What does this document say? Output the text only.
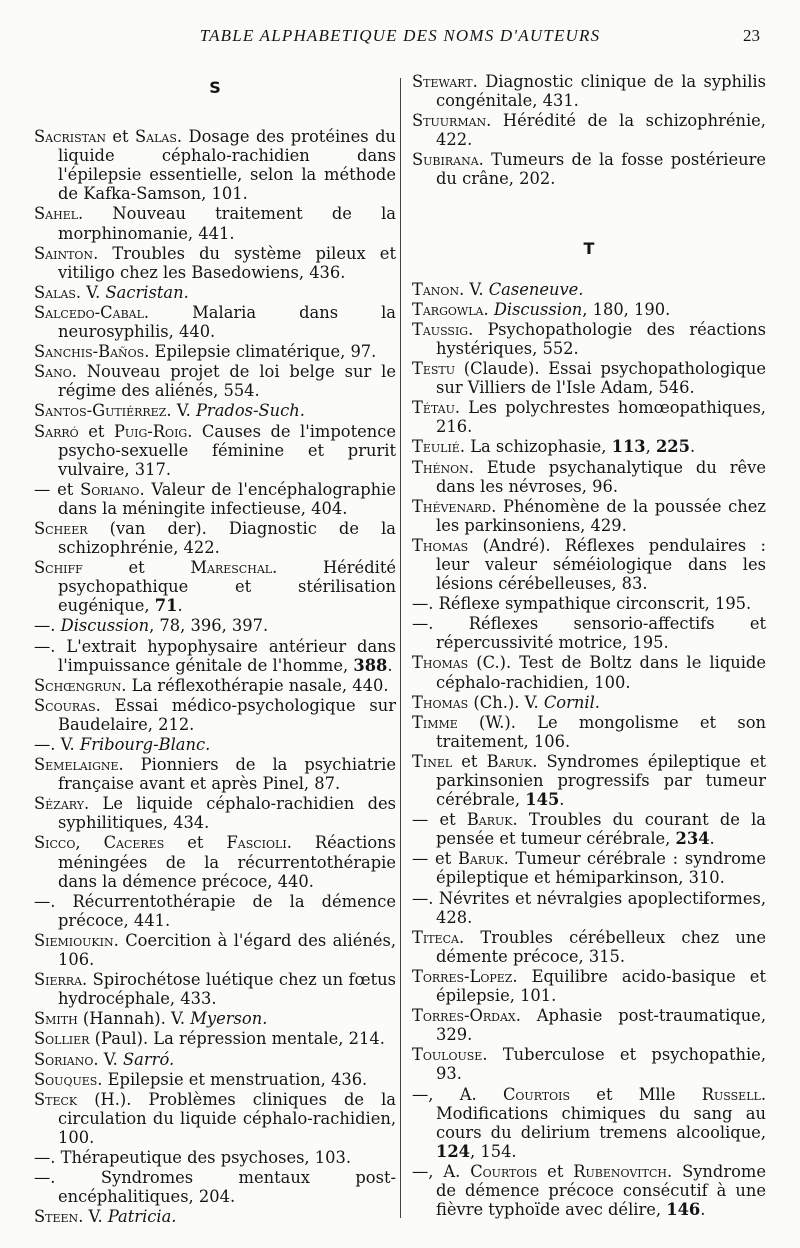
TABLE ALPHABETIQUE DES NOMS D'AUTEURS	23
S
Sacristan et Salas. Dosage des protéines du liquide céphalo-rachidien dans l'épilepsie essentielle, selon la méthode de Kafka-Samson, 101.
Sahel. Nouveau traitement de la morphinomanie, 441.
Sainton. Troubles du système pileux et vitiligo chez les Basedowiens, 436.
Salas. V. Sacristan.
Salcedo-Cabal. Malaria dans la neurosyphilis, 440.
Sanchis-Baños. Epilepsie climatérique, 97.
Sano. Nouveau projet de loi belge sur le régime des aliénés, 554.
Santos-Gutiérrez. V. Prados-Such.
Sarró et Puig-Roig. Causes de l'impotence psycho-sexuelle féminine et prurit vulvaire, 317.
— et Soriano. Valeur de l'encéphalographie dans la méningite infectieuse, 404.
Scheer (van der). Diagnostic de la schizophrénie, 422.
Schiff et Mareschal. Hérédité psychopathique et stérilisation eugénique, 71.
—. Discussion, 78, 396, 397.
—. L'extrait hypophysaire antérieur dans l'impuissance génitale de l'homme, 388.
Schœngrun. La réflexothérapie nasale, 440.
Scouras. Essai médico-psychologique sur Baudelaire, 212.
—. V. Fribourg-Blanc.
Semelaigne. Pionniers de la psychiatrie française avant et après Pinel, 87.
Sézary. Le liquide céphalo-rachidien des syphilitiques, 434.
Sicco, Caceres et Fascioli. Réactions méningées de la récurrentothérapie dans la démence précoce, 440.
—. Récurrentothérapie de la démence précoce, 441.
Siemioukin. Coercition à l'égard des aliénés, 106.
Sierra. Spirochétose luétique chez un fœtus hydrocéphale, 433.
Smith (Hannah). V. Myerson.
Sollier (Paul). La répression mentale, 214.
Soriano. V. Sarró.
Souques. Epilepsie et menstruation, 436.
Steck (H.). Problèmes cliniques de la circulation du liquide céphalo-rachidien, 100.
—. Thérapeutique des psychoses, 103.
—. Syndromes mentaux post-encéphalitiques, 204.
Steen. V. Patricia.
Stewart. Diagnostic clinique de la syphilis congénitale, 431.
Stuurman. Hérédité de la schizophrénie, 422.
Subirana. Tumeurs de la fosse postérieure du crâne, 202.
T
Tanon. V. Caseneuve.
Targowla. Discussion, 180, 190.
Taussig. Psychopathologie des réactions hystériques, 552.
Testu (Claude). Essai psychopathologique sur Villiers de l'Isle Adam, 546.
Tétau. Les polychrestes homœopathiques, 216.
Teulié. La schizophasie, 113, 225.
Thénon. Etude psychanalytique du rêve dans les névroses, 96.
Thévenard. Phénomène de la poussée chez les parkinsoniens, 429.
Thomas (André). Réflexes pendulaires : leur valeur séméiologique dans les lésions cérébelleuses, 83.
—. Réflexe sympathique circonscrit, 195.
—. Réflexes sensorio-affectifs et répercussivité motrice, 195.
Thomas (C.). Test de Boltz dans le liquide céphalo-rachidien, 100.
Thomas (Ch.). V. Cornil.
Timme (W.). Le mongolisme et son traitement, 106.
Tinel et Baruk. Syndromes épileptique et parkinsonien progressifs par tumeur cérébrale, 145.
— et Baruk. Troubles du courant de la pensée et tumeur cérébrale, 234.
— et Baruk. Tumeur cérébrale : syndrome épileptique et hémiparkinson, 310.
—. Névrites et névralgies apoplectiformes, 428.
Titeca. Troubles cérébelleux chez une démente précoce, 315.
Torres-Lopez. Equilibre acido-basique et épilepsie, 101.
Torres-Ordax. Aphasie post-traumatique, 329.
Toulouse. Tuberculose et psychopathie, 93.
—, A. Courtois et Mlle Russell. Modifications chimiques du sang au cours du delirium tremens alcoolique, 124, 154.
—, A. Courtois et Rubenovitch. Syndrome de démence précoce consécutif à une fièvre typhoïde avec délire, 146.
